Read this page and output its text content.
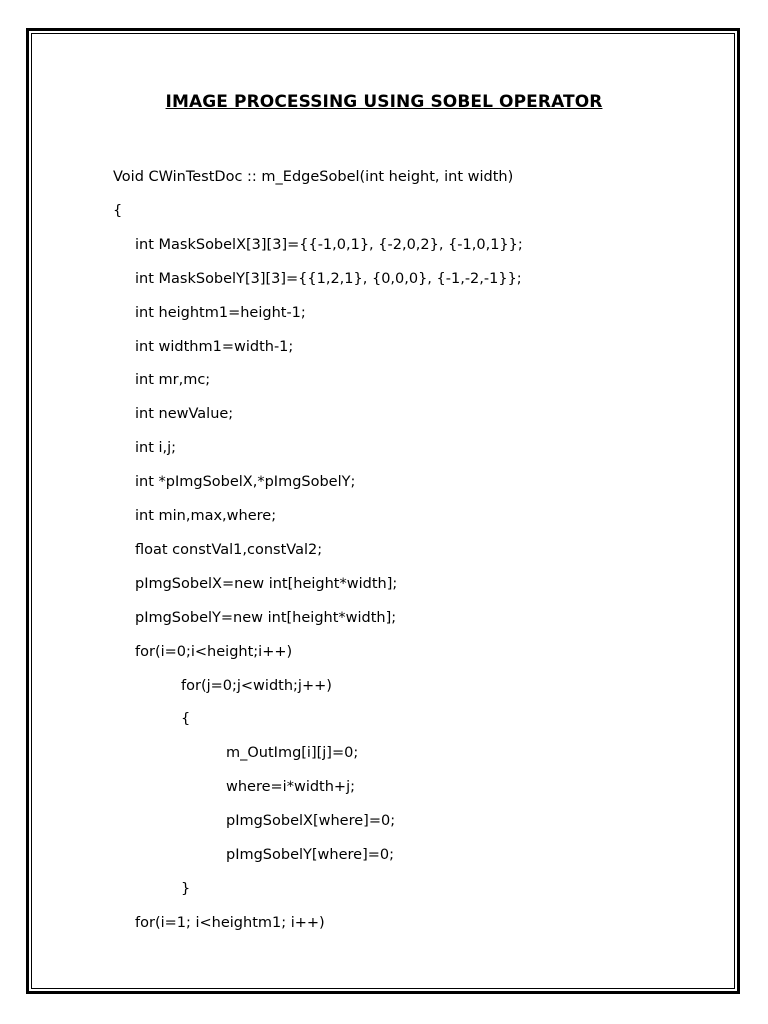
IMAGE PROCESSING USING SOBEL OPERATOR
Void CWinTestDoc :: m_EdgeSobel(int height, int width)
{
int MaskSobelX[3][3]={{-1,0,1}, {-2,0,2}, {-1,0,1}};
int MaskSobelY[3][3]={{1,2,1}, {0,0,0}, {-1,-2,-1}};
int heightm1=height-1;
int widthm1=width-1;
int mr,mc;
int newValue;
int i,j;
int *pImgSobelX,*pImgSobelY;
int min,max,where;
float constVal1,constVal2;
pImgSobelX=new int[height*width];
pImgSobelY=new int[height*width];
for(i=0;i<height;i++)
for(j=0;j<width;j++)
{
m_OutImg[i][j]=0;
where=i*width+j;
pImgSobelX[where]=0;
pImgSobelY[where]=0;
}
for(i=1; i<heightm1; i++)
